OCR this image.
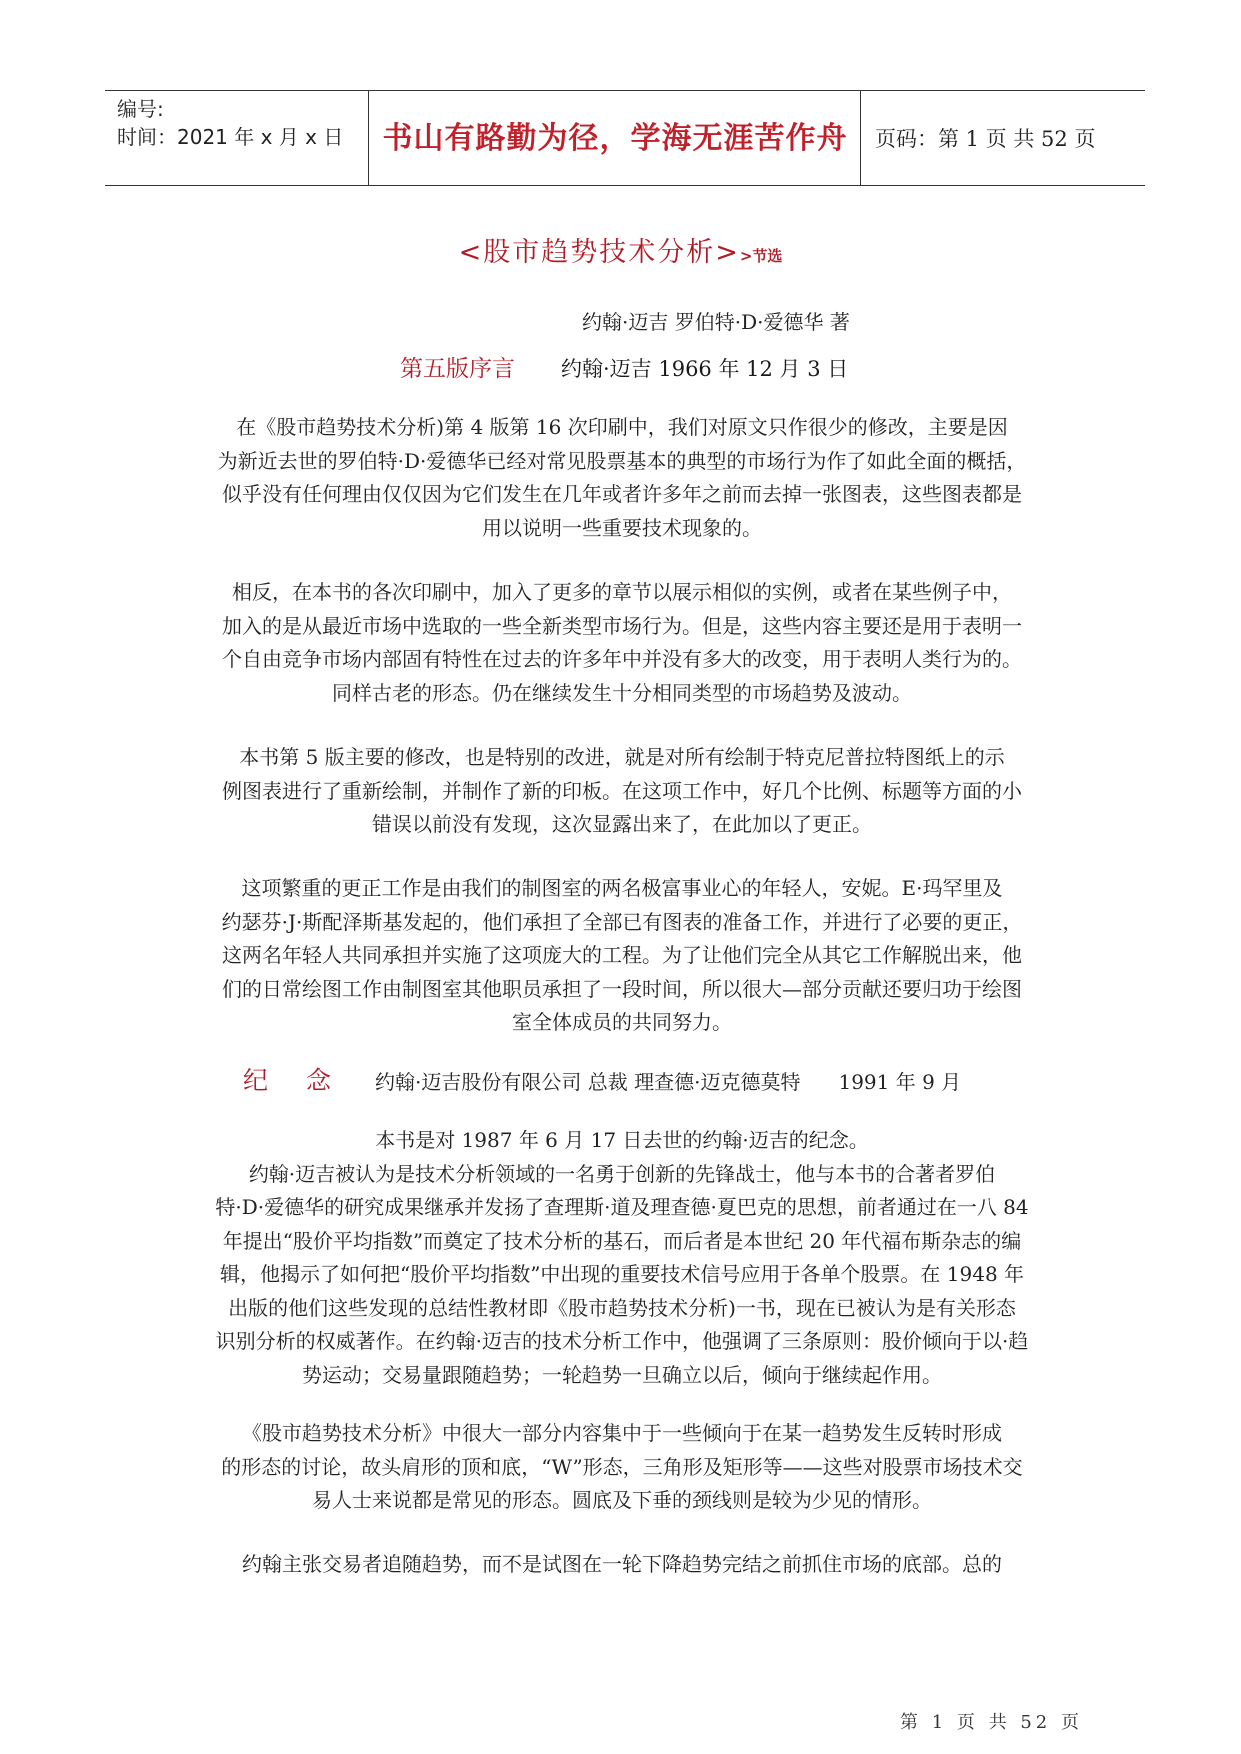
编号:
时间：2021 年 x 月 x 日	书山有路勤为径，学海无涯苦作舟	页码：第 1 页 共 52 页
<股市趋势技术分析>>节选
约翰·迈吉 罗伯特·D·爱德华 著
第五版序言 约翰·迈吉 1966 年 12 月 3 日

在《股市趋势技术分析)第 4 版第 16 次印刷中，我们对原文只作很少的修改，主要是因

为新近去世的罗伯特·D·爱德华已经对常见股票基本的典型的市场行为作了如此全面的概括，

似乎没有任何理由仅仅因为它们发生在几年或者许多年之前而去掉一张图表，这些图表都是

用以说明一些重要技术现象的。

相反，在本书的各次印刷中，加入了更多的章节以展示相似的实例，或者在某些例子中，

加入的是从最近市场中选取的一些全新类型市场行为。但是，这些内容主要还是用于表明一

个自由竞争市场内部固有特性在过去的许多年中并没有多大的改变，用于表明人类行为的。

同样古老的形态。仍在继续发生十分相同类型的市场趋势及波动。

本书第 5 版主要的修改，也是特别的改进，就是对所有绘制于特克尼普拉特图纸上的示

例图表进行了重新绘制，并制作了新的印板。在这项工作中，好几个比例、标题等方面的小

错误以前没有发现，这次显露出来了，在此加以了更正。

这项繁重的更正工作是由我们的制图室的两名极富事业心的年轻人，安妮。E·玛罕里及

约瑟芬·J·斯配泽斯基发起的，他们承担了全部已有图表的准备工作，并进行了必要的更正，

这两名年轻人共同承担并实施了这项庞大的工程。为了让他们完全从其它工作解脱出来，他

们的日常绘图工作由制图室其他职员承担了一段时间，所以很大—部分贡献还要归功于绘图

室全体成员的共同努力。

纪 念 约翰·迈吉股份有限公司 总裁 理查德·迈克德莫特 1991 年 9 月

本书是对 1987 年 6 月 17 日去世的约翰·迈吉的纪念。

约翰·迈吉被认为是技术分析领域的一名勇于创新的先锋战士，他与本书的合著者罗伯

特·D·爱德华的研究成果继承并发扬了查理斯·道及理查德·夏巴克的思想，前者通过在一八 84

年提出“股价平均指数”而奠定了技术分析的基石，而后者是本世纪 20 年代福布斯杂志的编

辑，他揭示了如何把“股价平均指数”中出现的重要技术信号应用于各单个股票。在 1948 年

出版的他们这些发现的总结性教材即《股市趋势技术分析)一书，现在已被认为是有关形态

识别分析的权威著作。在约翰·迈吉的技术分析工作中，他强调了三条原则：股价倾向于以·趋

势运动；交易量跟随趋势；一轮趋势一旦确立以后，倾向于继续起作用。

《股市趋势技术分析》中很大一部分内容集中于一些倾向于在某一趋势发生反转时形成

的形态的讨论，故头肩形的顶和底，“W”形态，三角形及矩形等——这些对股票市场技术交

易人士来说都是常见的形态。圆底及下垂的颈线则是较为少见的情形。

约翰主张交易者追随趋势，而不是试图在一轮下降趋势完结之前抓住市场的底部。总的

第 1 页 共 52 页
